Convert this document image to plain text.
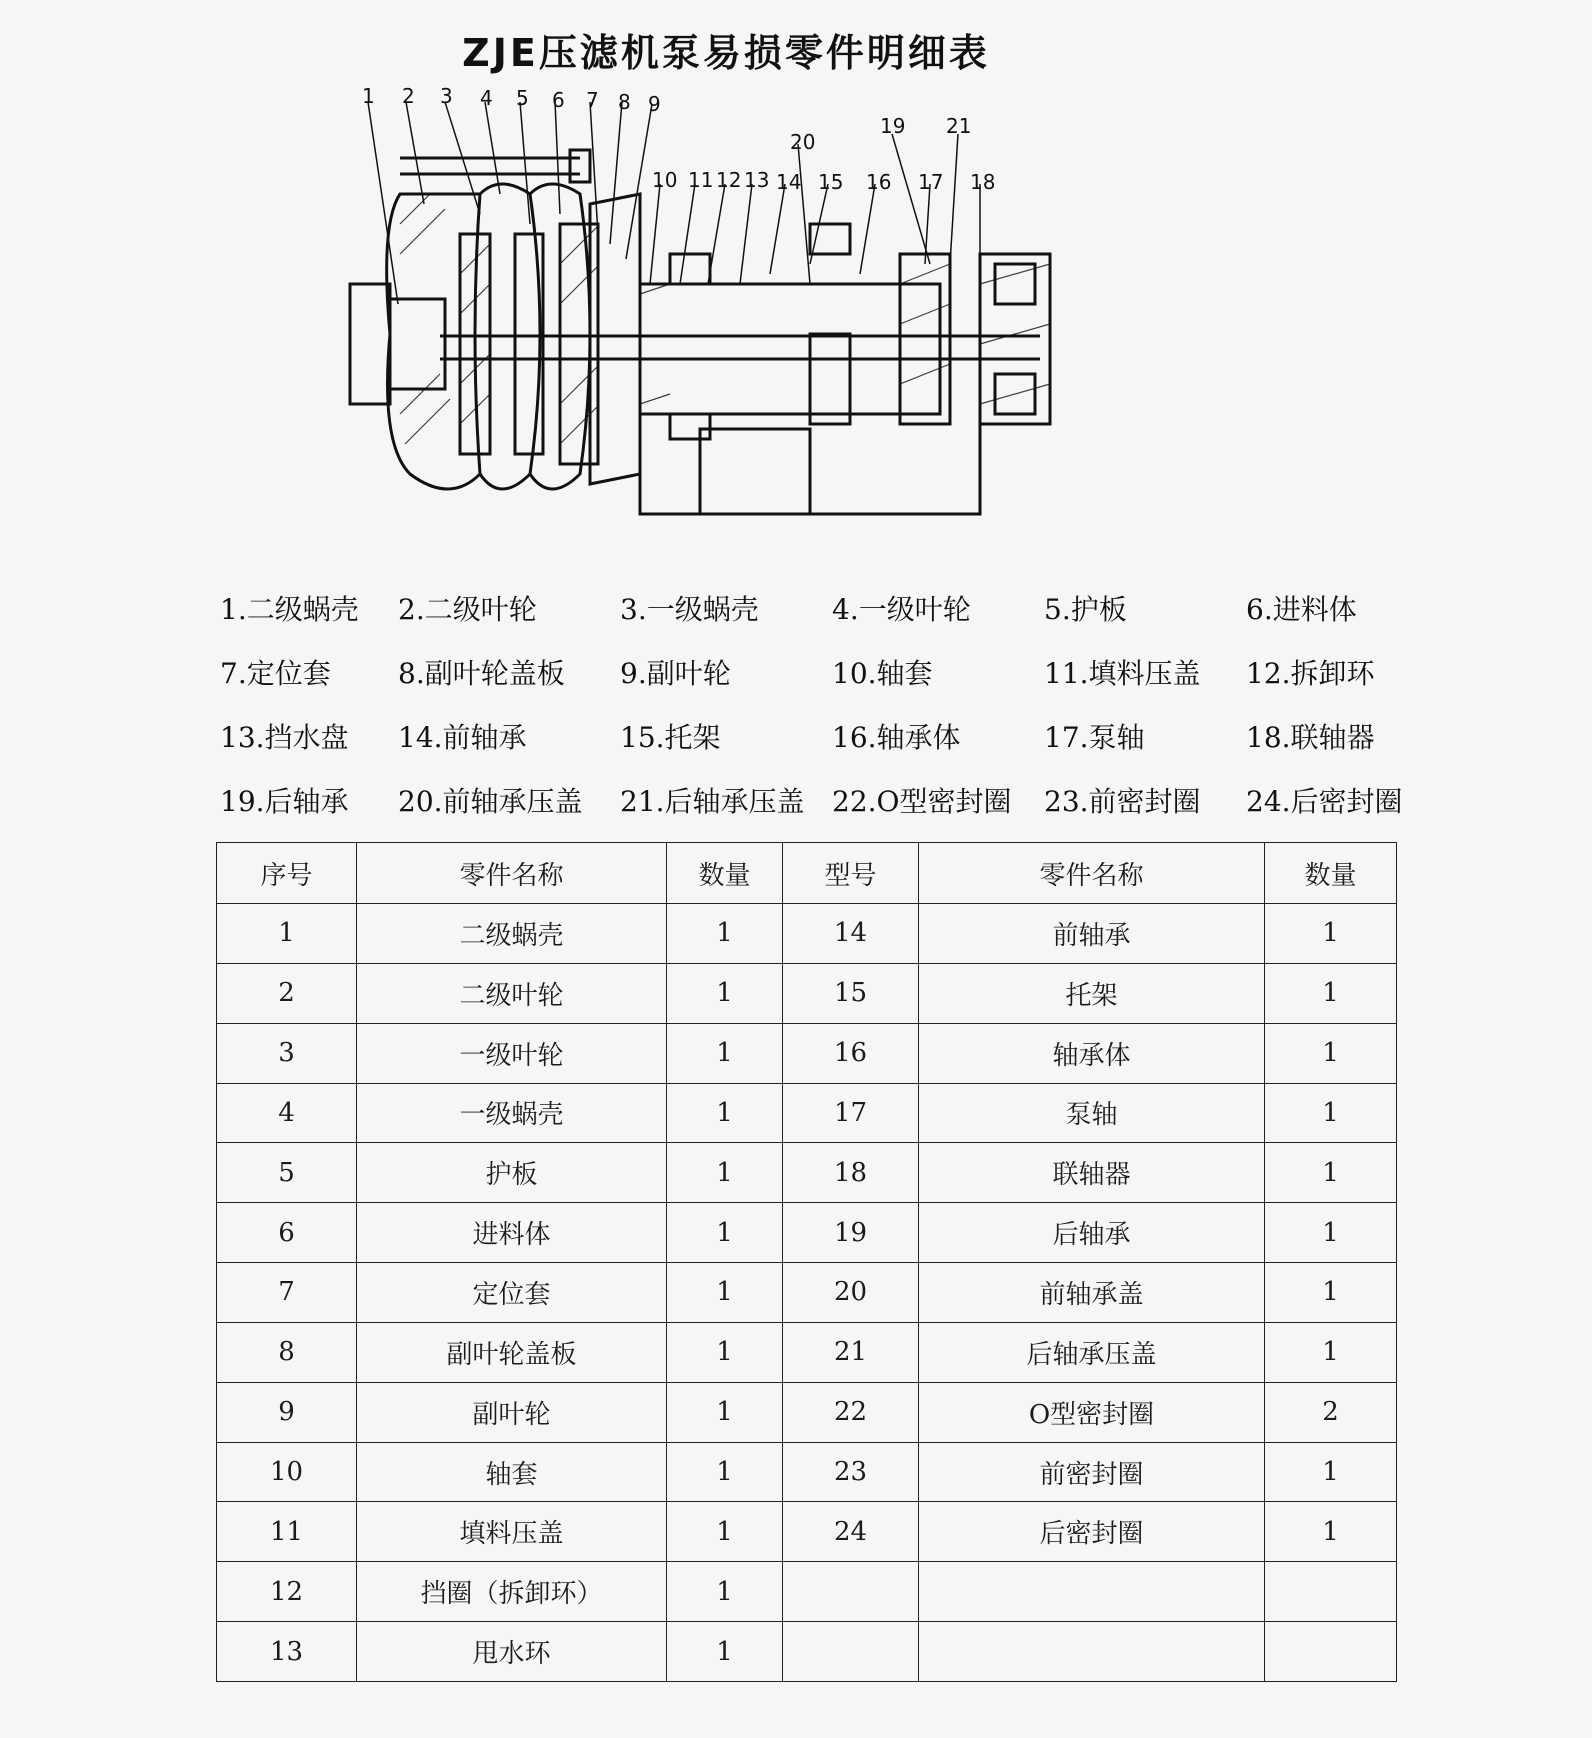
ZJE压滤机泵易损零件明细表
1 2 3 4 5 6 7 8 9
10 11 12 13 14 15 16 17 18
19
20
21
1.二级蜗壳 2.二级叶轮	3.一级蜗壳	4.一级叶轮	5.护板	6.进料体
7.定位套 8.副叶轮盖板 9.副叶轮	10.轴套	11.填料压盖 12.拆卸环
13.挡水盘 14.前轴承	15.托架	16.轴承体	17.泵轴	18.联轴器
19.后轴承 20.前轴承压盖 21.后轴承压盖 22.O型密封圈 23.前密封圈 24.后密封圈
序号	零件名称	数量	型号	零件名称	数量
1	二级蜗壳	1	14	前轴承	1
2	二级叶轮	1	15	托架	1
3	一级叶轮	1	16	轴承体	1
4	一级蜗壳	1	17	泵轴	1
5	护板	1	18	联轴器	1
6	进料体	1	19	后轴承	1
7	定位套	1	20	前轴承盖	1
8	副叶轮盖板	1	21	后轴承压盖	1
9	副叶轮	1	22	O型密封圈	2
10	轴套	1	23	前密封圈	1
11	填料压盖	1	24	后密封圈	1
12	挡圈（拆卸环）	1			
13	甩水环	1			
